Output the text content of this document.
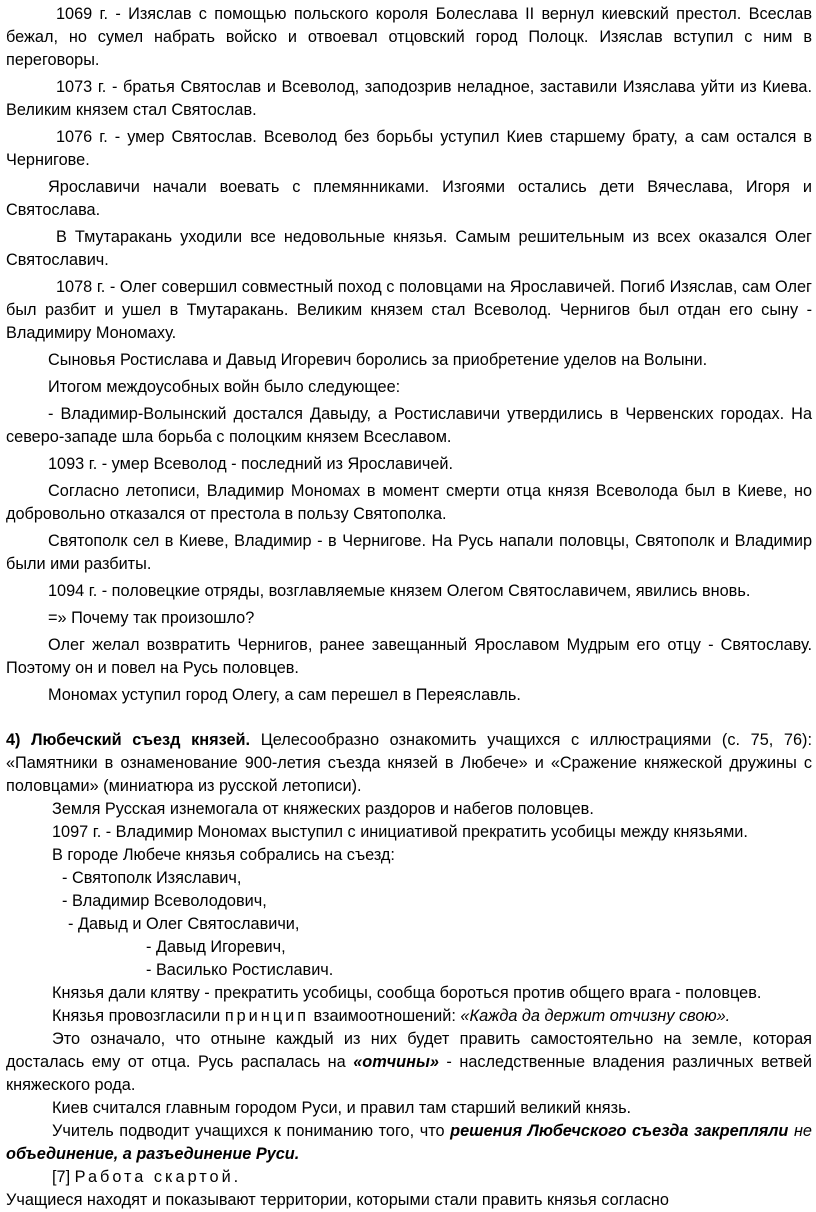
1069 г. - Изяслав с помощью польского короля Болеслава II вернул киевский престол. Всеслав бежал, но сумел набрать войско и отвоевал отцовский город Полоцк. Изяслав вступил с ним в переговоры.

1073 г. - братья Святослав и Всеволод, заподозрив неладное, заставили Изяслава уйти из Киева. Великим князем стал Святослав.

1076 г. - умер Святослав. Всеволод без борьбы уступил Киев старшему брату, а сам остался в Чернигове.

Ярославичи начали воевать с племянниками. Изгоями остались дети Вячеслава, Игоря и Святослава.

В Тмутаракань уходили все недовольные князья. Самым решительным из всех оказался Олег Святославич.

1078 г. - Олег совершил совместный поход с половцами на Ярославичей. Погиб Изяслав, сам Олег был разбит и ушел в Тмутаракань. Великим князем стал Всеволод. Чернигов был отдан его сыну - Владимиру Мономаху.

Сыновья Ростислава и Давыд Игоревич боролись за приобретение уделов на Волыни.

Итогом междоусобных войн было следующее:

- Владимир-Волынский достался Давыду, а Ростиславичи утвердились в Червенских городах. На северо-западе шла борьба с полоцким князем Всеславом.

1093 г. - умер Всеволод - последний из Ярославичей.

Согласно летописи, Владимир Мономах в момент смерти отца князя Всеволода был в Киеве, но добровольно отказался от престола в пользу Святополка.

Святополк сел в Киеве, Владимир - в Чернигове. На Русь напали половцы, Святополк и Владимир были ими разбиты.

1094 г. - половецкие отряды, возглавляемые князем Олегом Святославичем, явились вновь.

=» Почему так произошло?

Олег желал возвратить Чернигов, ранее завещанный Ярославом Мудрым его отцу - Святославу. Поэтому он и повел на Русь половцев.

Мономах уступил город Олегу, а сам перешел в Переяславль.

4) Любечский съезд князей. Целесообразно ознакомить учащихся с иллюстрациями (с. 75, 76): «Памятники в ознаменование 900-летия съезда князей в Любече» и «Сражение княжеской дружины с половцами» (миниатюра из русской летописи).

Земля Русская изнемогала от княжеских раздоров и набегов половцев.

1097 г. - Владимир Мономах выступил с инициативой прекратить усобицы между князьями.

В городе Любече князья собрались на съезд:

- Святополк Изяславич,

- Владимир Всеволодович,

- Давыд и Олег Святославичи,

- Давыд Игоревич,

- Василько Ростиславич.

Князья дали клятву - прекратить усобицы, сообща бороться против общего врага - половцев.

Князья провозгласили принцип взаимоотношений: «Кажда да держит отчизну свою».

Это означало, что отныне каждый из них будет править самостоятельно на земле, которая досталась ему от отца. Русь распалась на «отчины» - наследственные владения различных ветвей княжеского рода.

Киев считался главным городом Руси, и правил там старший великий князь.

Учитель подводит учащихся к пониманию того, что решения Любечского съезда закрепляли не объединение, а разъединение Руси.

[7] Работа скартой.

Учащиеся находят и показывают территории, которыми стали править князья согласно
